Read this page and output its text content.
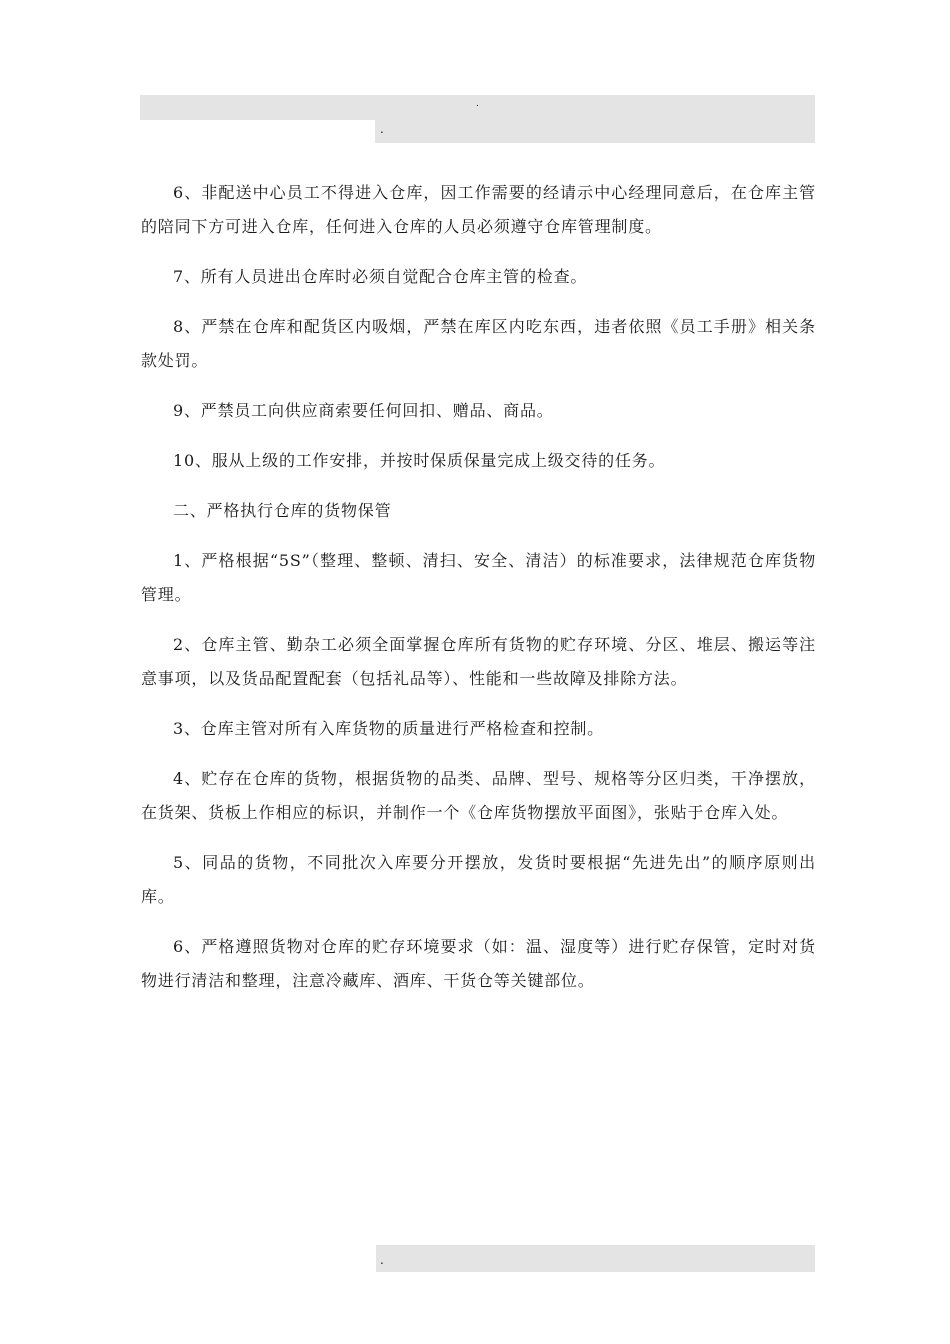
.
.

6、非配送中心员工不得进入仓库，因工作需要的经请示中心经理同意后，在仓库主管的陪同下方可进入仓库，任何进入仓库的人员必须遵守仓库管理制度。

7、所有人员进出仓库时必须自觉配合仓库主管的检查。

8、严禁在仓库和配货区内吸烟，严禁在库区内吃东西，违者依照《员工手册》相关条款处罚。

9、严禁员工向供应商索要任何回扣、赠品、商品。

10、服从上级的工作安排，并按时保质保量完成上级交待的任务。

二、严格执行仓库的货物保管

1、严格根据“5S”（整理、整顿、清扫、安全、清洁）的标准要求，法律规范仓库货物管理。

2、仓库主管、勤杂工必须全面掌握仓库所有货物的贮存环境、分区、堆层、搬运等注意事项，以及货品配置配套（包括礼品等）、性能和一些故障及排除方法。

3、仓库主管对所有入库货物的质量进行严格检查和控制。

4、贮存在仓库的货物，根据货物的品类、品牌、型号、规格等分区归类，干净摆放，在货架、货板上作相应的标识，并制作一个《仓库货物摆放平面图》，张贴于仓库入处。

5、同品的货物，不同批次入库要分开摆放，发货时要根据“先进先出”的顺序原则出库。

6、严格遵照货物对仓库的贮存环境要求（如：温、湿度等）进行贮存保管，定时对货物进行清洁和整理，注意冷藏库、酒库、干货仓等关键部位。

.
